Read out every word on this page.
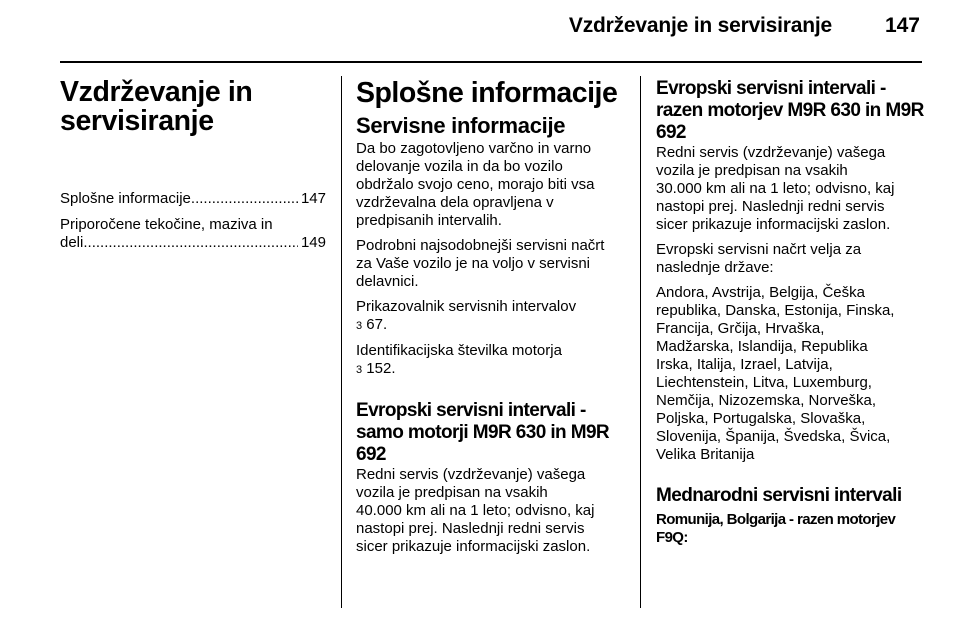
Vzdrževanje in servisiranje	147
Vzdrževanje in
servisiranje
Splošne informacije .....	147
Priporočene tekočine, maziva in
deli .....	149
Splošne informacije
Servisne informacije
Da bo zagotovljeno varčno in varno
delovanje vozila in da bo vozilo
obdržalo svojo ceno, morajo biti vsa
vzdrževalna dela opravljena v
predpisanih intervalih.
Podrobni najsodobnejši servisni načrt
za Vaše vozilo je na voljo v servisni
delavnici.
Prikazovalnik servisnih intervalov
3 67.
Identifikacijska številka motorja
3 152.
Evropski servisni intervali -
samo motorji M9R 630 in M9R
692
Redni servis (vzdrževanje) vašega
vozila je predpisan na vsakih
40.000 km ali na 1 leto; odvisno, kaj
nastopi prej. Naslednji redni servis
sicer prikazuje informacijski zaslon.
Evropski servisni intervali -
razen motorjev M9R 630 in M9R
692
Redni servis (vzdrževanje) vašega
vozila je predpisan na vsakih
30.000 km ali na 1 leto; odvisno, kaj
nastopi prej. Naslednji redni servis
sicer prikazuje informacijski zaslon.
Evropski servisni načrt velja za
naslednje države:
Andora, Avstrija, Belgija, Češka
republika, Danska, Estonija, Finska,
Francija, Grčija, Hrvaška,
Madžarska, Islandija, Republika
Irska, Italija, Izrael, Latvija,
Liechtenstein, Litva, Luxemburg,
Nemčija, Nizozemska, Norveška,
Poljska, Portugalska, Slovaška,
Slovenija, Španija, Švedska, Švica,
Velika Britanija
Mednarodni servisni intervali
Romunija, Bolgarija - razen motorjev
F9Q:
